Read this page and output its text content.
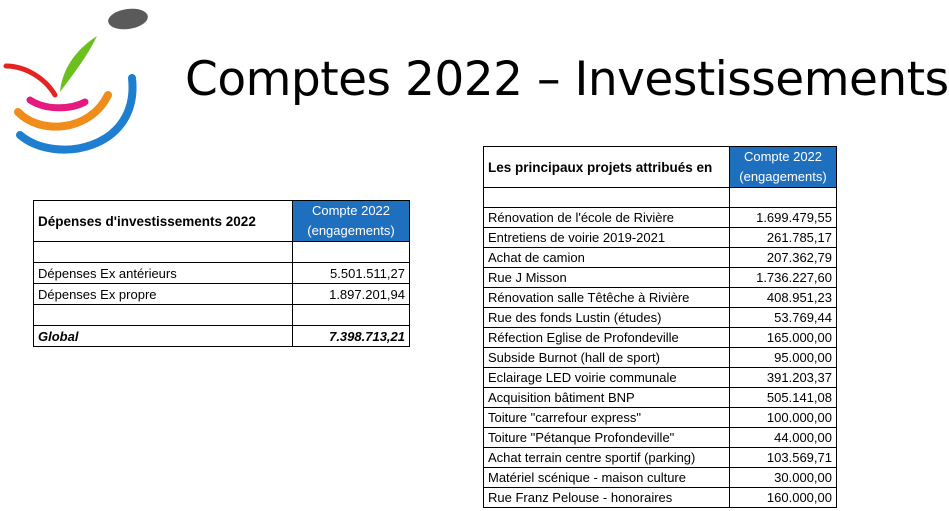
Comptes 2022 – Investissements
Dépenses d'investissements 2022	Compte 2022
(engagements)

Dépenses Ex antérieurs	5.501.511,27
Dépenses Ex propre	1.897.201,94

Global	7.398.713,21
Les principaux projets attribués en	Compte 2022
(engagements)

Rénovation de l'école de Rivière	1.699.479,55
Entretiens de voirie 2019-2021	261.785,17
Achat de camion	207.362,79
Rue J Misson	1.736.227,60
Rénovation salle Têtêche à Rivière	408.951,23
Rue des fonds Lustin (études)	53.769,44
Réfection Eglise de Profondeville	165.000,00
Subside Burnot (hall de sport)	95.000,00
Eclairage LED voirie communale	391.203,37
Acquisition bâtiment BNP	505.141,08
Toiture "carrefour express"	100.000,00
Toiture "Pétanque Profondeville"	44.000,00
Achat terrain centre sportif (parking)	103.569,71
Matériel scénique - maison culture	30.000,00
Rue Franz Pelouse - honoraires	160.000,00
